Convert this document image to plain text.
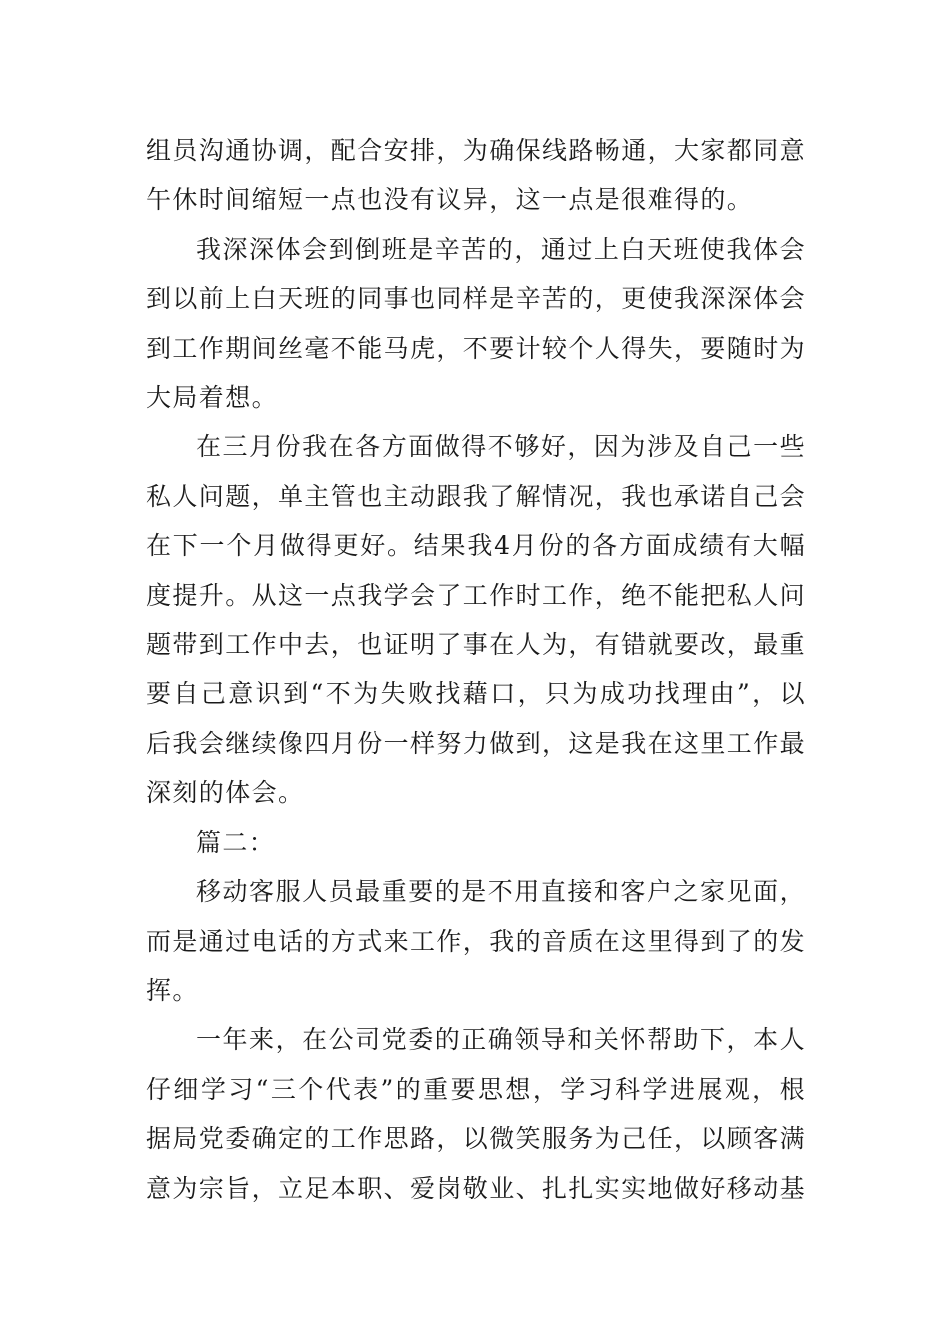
组员沟通协调，配合安排，为确保线路畅通，大家都同意午休时间缩短一点也没有议异，这一点是很难得的。

我深深体会到倒班是辛苦的，通过上白天班使我体会到以前上白天班的同事也同样是辛苦的，更使我深深体会到工作期间丝毫不能马虎，不要计较个人得失，要随时为大局着想。

在三月份我在各方面做得不够好，因为涉及自己一些私人问题，单主管也主动跟我了解情况，我也承诺自己会在下一个月做得更好。结果我4月份的各方面成绩有大幅度提升。从这一点我学会了工作时工作，绝不能把私人问题带到工作中去，也证明了事在人为，有错就要改，最重要自己意识到“不为失败找藉口，只为成功找理由”，以后我会继续像四月份一样努力做到，这是我在这里工作最深刻的体会。

篇二：

移动客服人员最重要的是不用直接和客户之家见面，而是通过电话的方式来工作，我的音质在这里得到了的发挥。

一年来，在公司党委的正确领导和关怀帮助下，本人仔细学习“三个代表”的重要思想，学习科学进展观，根据局党委确定的工作思路，以微笑服务为己任，以顾客满意为宗旨，立足本职、爱岗敬业、扎扎实实地做好移动基
